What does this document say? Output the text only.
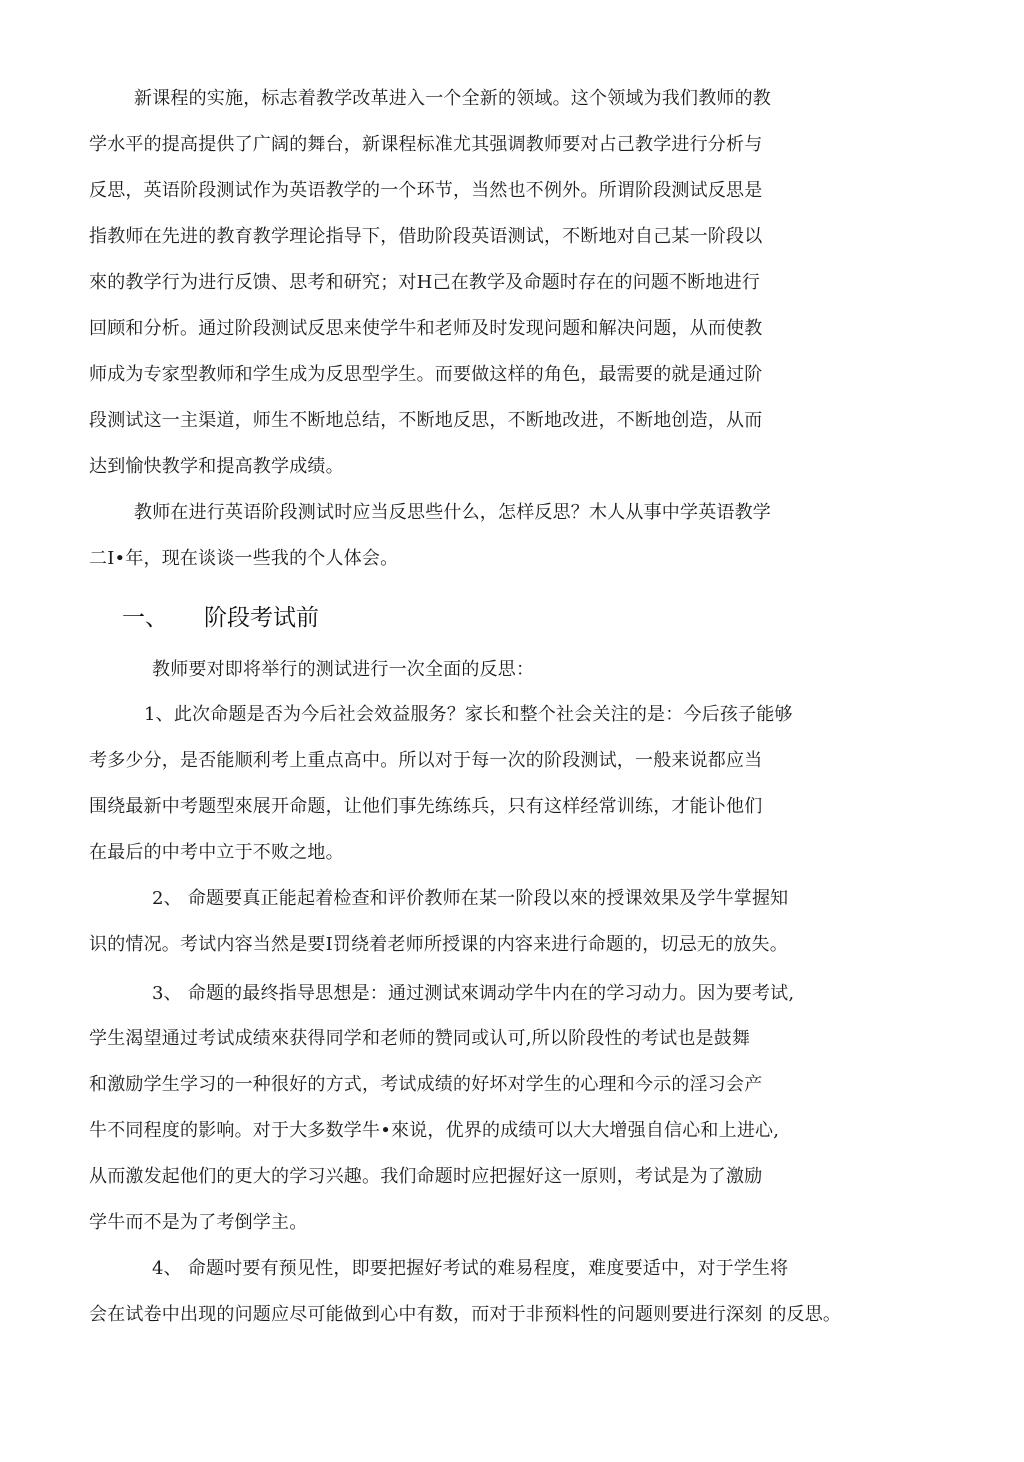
新课程的实施，标志着教学改革进入一个全新的领域。这个领域为我们教师的教
学水平的提高提供了广阔的舞台，新课程标准尤其强调教师要对占己教学进行分析与
反思，英语阶段测试作为英语教学的一个环节，当然也不例外。所谓阶段测试反思是
指教师在先进的教育教学理论指导下，借助阶段英语测试，不断地对自己某一阶段以
來的教学行为进行反馈、思考和研究；对H己在教学及命题时存在的问题不断地进行
回顾和分析。通过阶段测试反思来使学牛和老师及时发现问题和解决问题，从而使教
师成为专家型教师和学生成为反思型学生。而要做这样的角色，最需要的就是通过阶
段测试这一主渠道，师生不断地总结，不断地反思，不断地改进，不断地创造，从而
达到愉快教学和提高教学成绩。
教师在进行英语阶段测试时应当反思些什么，怎样反思？木人从事中学英语教学
二I•年，现在谈谈一些我的个人体会。
一、 阶段考试前
教师要对即将举行的测试进行一次全面的反思：
1、此次命题是否为今后社会效益服务？家长和整个社会关注的是：今后孩子能够
考多少分，是否能顺利考上重点高中。所以对于每一次的阶段测试，一般来说都应当
围绕最新中考题型來展开命题，让他们事先练练兵，只有这样经常训练，才能讣他们
在最后的中考中立于不败之地。
2、 命题要真正能起着检查和评价教师在某一阶段以來的授课效果及学牛掌握知
识的情况。考试内容当然是要I罚绕着老师所授课的内容来进行命题的，切忌无的放失。
3、 命题的最终指导思想是：通过测试來调动学牛内在的学习动力。因为要考试,
学生渴望通过考试成绩來获得同学和老师的赞同或认可,所以阶段性的考试也是鼓舞
和激励学生学习的一种很好的方式，考试成绩的好坏对学生的心理和今示的淫习会产
牛不同程度的影响。对于大多数学牛•來说，优界的成绩可以大大增强自信心和上进心,
从而激发起他们的更大的学习兴趣。我们命题时应把握好这一原则，考试是为了激励
学牛而不是为了考倒学主。
4、 命题吋要有预见性，即要把握好考试的难易程度，难度要适中，对于学生将
会在试卷中出现的问题应尽可能做到心中有数，而对于非预料性的问题则要进行深刻 的反思。
